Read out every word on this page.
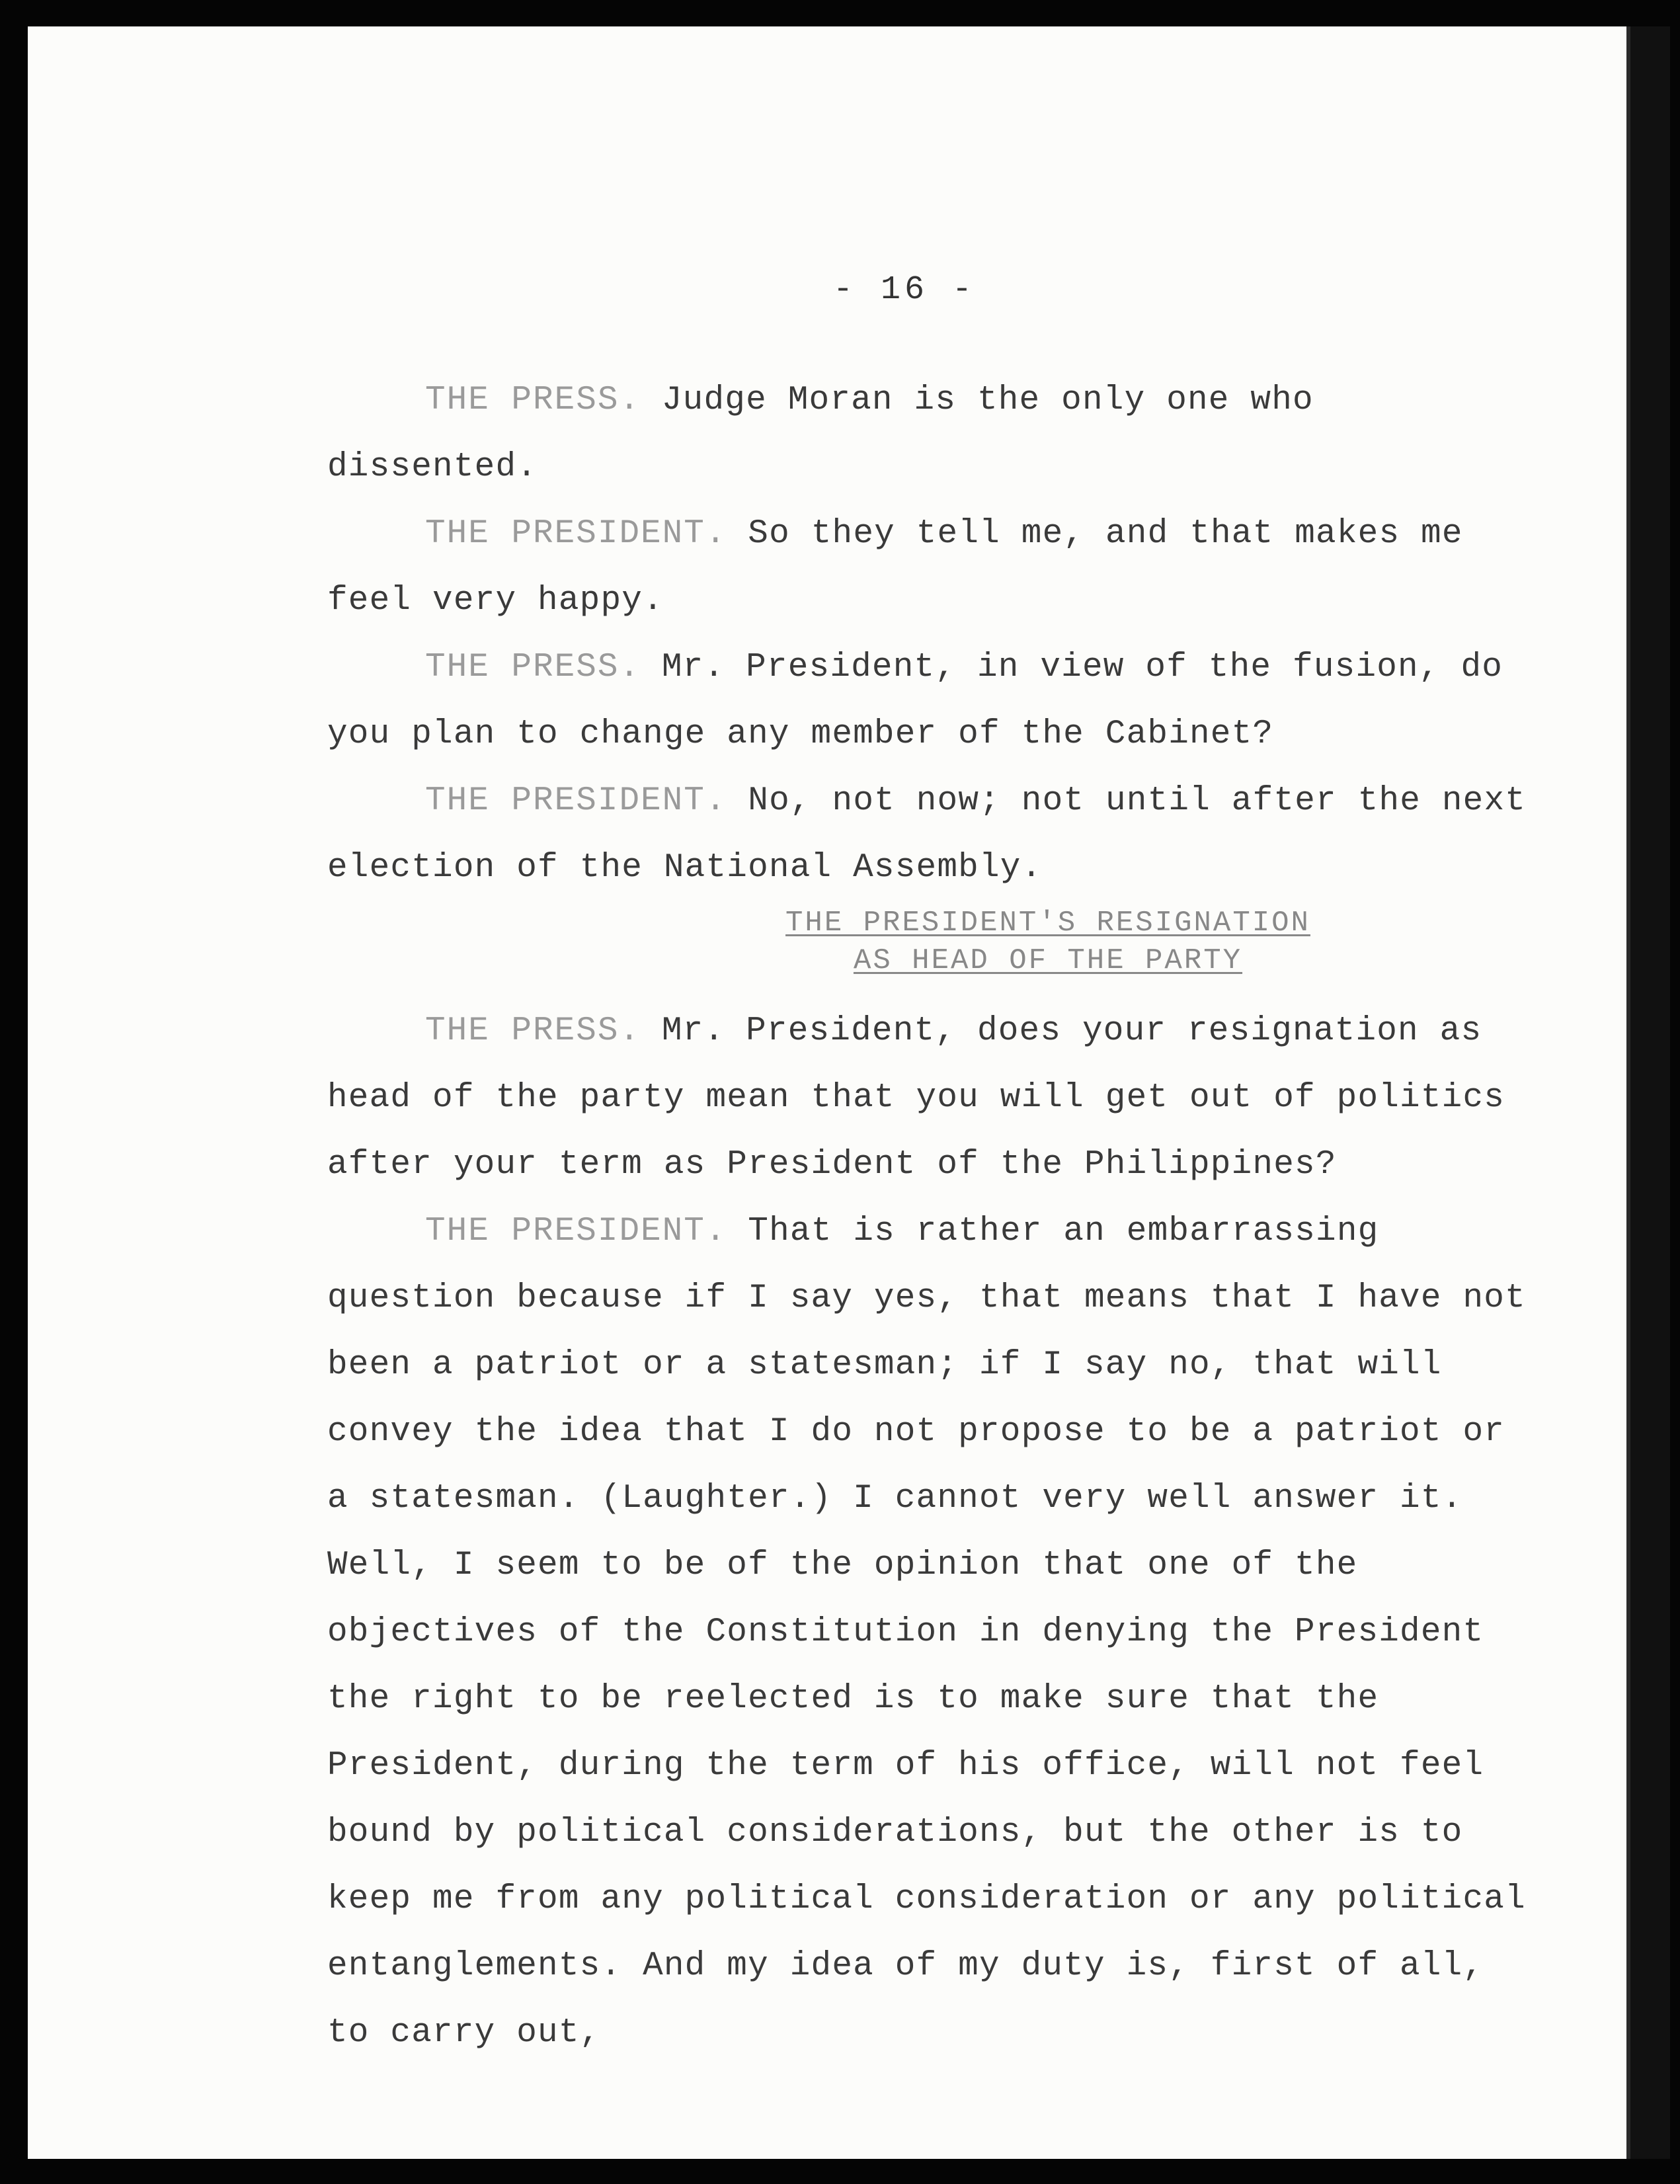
- 16 -

THE PRESS. Judge Moran is the only one who dissented.

THE PRESIDENT. So they tell me, and that makes me feel very happy.

THE PRESS. Mr. President, in view of the fusion, do you plan to change any member of the Cabinet?

THE PRESIDENT. No, not now; not until after the next election of the National Assembly.

THE PRESIDENT'S RESIGNATION
AS HEAD OF THE PARTY

THE PRESS. Mr. President, does your resignation as head of the party mean that you will get out of politics after your term as President of the Philippines?

THE PRESIDENT. That is rather an embarrassing question because if I say yes, that means that I have not been a patriot or a statesman; if I say no, that will convey the idea that I do not propose to be a patriot or a statesman. (Laughter.) I cannot very well answer it. Well, I seem to be of the opinion that one of the objectives of the Constitution in denying the President the right to be reelected is to make sure that the President, during the term of his office, will not feel bound by political considerations, but the other is to keep me from any political consideration or any political entanglements. And my idea of my duty is, first of all, to carry out,
